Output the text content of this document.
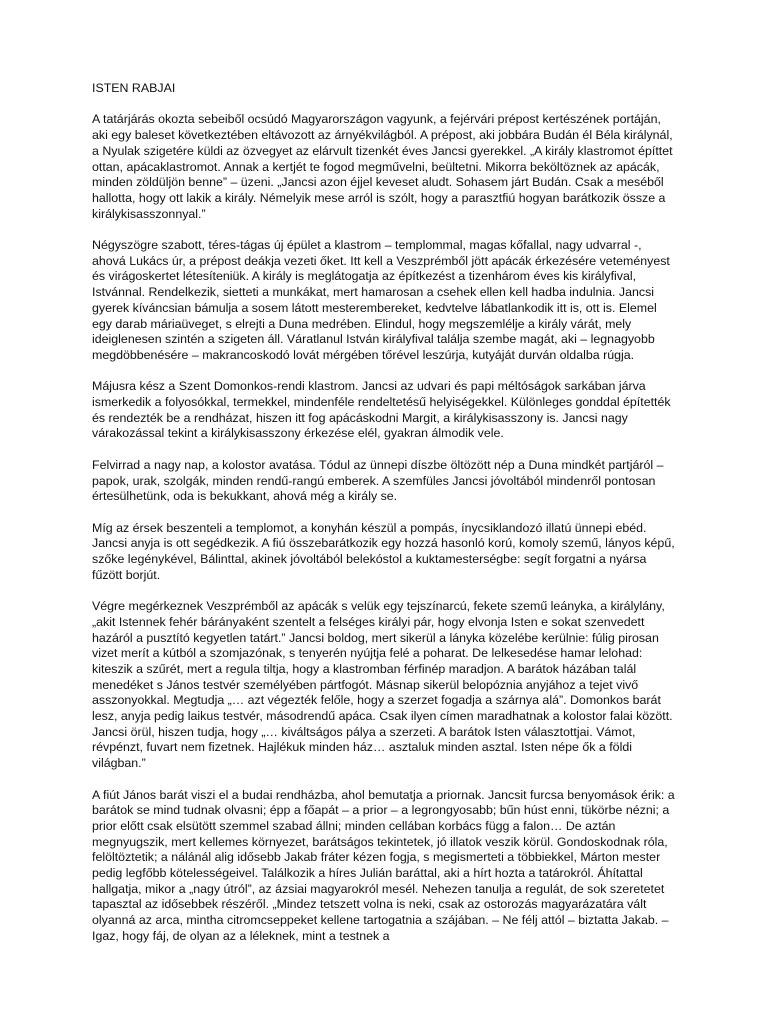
ISTEN RABJAI

A tatárjárás okozta sebeiből ocsúdó Magyarországon vagyunk, a fejérvári prépost kertészének portáján, aki egy baleset következtében eltávozott az árnyékvilágból. A prépost, aki jobbára Budán él Béla királynál, a Nyulak szigetére küldi az özvegyet az elárvult tizenkét éves Jancsi gyerekkel. „A király klastromot építtet ottan, apácaklastromot. Annak a kertjét te fogod megművelni, beültetni. Mikorra beköltöznek az apácák, minden zöldüljön benne” – üzeni. „Jancsi azon éjjel keveset aludt. Sohasem járt Budán. Csak a meséből hallotta, hogy ott lakik a király. Némelyik mese arról is szólt, hogy a parasztfiú hogyan barátkozik össze a királykisasszonnyal.”

Négyszögre szabott, téres-tágas új épület a klastrom – templommal, magas kőfallal, nagy udvarral -, ahová Lukács úr, a prépost deákja vezeti őket. Itt kell a Veszprémből jött apácák érkezésére veteményest és virágoskertet létesíteniük. A király is meglátogatja az építkezést a tizenhárom éves kis királyfival, Istvánnal. Rendelkezik, sietteti a munkákat, mert hamarosan a csehek ellen kell hadba indulnia. Jancsi gyerek kíváncsian bámulja a sosem látott mesterembereket, kedvtelve lábatlankodik itt is, ott is. Elemel egy darab máriaüveget, s elrejti a Duna medrében. Elindul, hogy megszemlélje a király várát, mely ideiglenesen szintén a szigeten áll. Váratlanul István királyfival találja szembe magát, aki – legnagyobb megdöbbenésére – makrancoskodó lovát mérgében tőrével leszúrja, kutyáját durván oldalba rúgja.

Májusra kész a Szent Domonkos-rendi klastrom. Jancsi az udvari és papi méltóságok sarkában járva ismerkedik a folyosókkal, termekkel, mindenféle rendeltetésű helyiségekkel. Különleges gonddal építették és rendezték be a rendházat, hiszen itt fog apácáskodni Margit, a királykisasszony is. Jancsi nagy várakozással tekint a királykisasszony érkezése elél, gyakran álmodik vele.

Felvirrad a nagy nap, a kolostor avatása. Tódul az ünnepi díszbe öltözött nép a Duna mindkét partjáról – papok, urak, szolgák, minden rendű-rangú emberek. A szemfüles Jancsi jóvoltából mindenről pontosan értesülhetünk, oda is bekukkant, ahová még a király se.

Míg az érsek beszenteli a templomot, a konyhán készül a pompás, ínycsiklandozó illatú ünnepi ebéd. Jancsi anyja is ott segédkezik. A fiú összebarátkozik egy hozzá hasonló korú, komoly szemű, lányos képű, szőke legénykével, Bálinttal, akinek jóvoltából belekóstol a kuktamesterségbe: segít forgatni a nyársa fűzött borjút.

Végre megérkeznek Veszprémből az apácák s velük egy tejszínarcú, fekete szemű leányka, a királylány, „akit Istennek fehér bárányaként szentelt a felséges királyi pár, hogy elvonja Isten e sokat szenvedett hazáról a pusztító kegyetlen tatárt.” Jancsi boldog, mert sikerül a lányka közelébe kerülnie: fúlig pirosan vizet merít a kútból a szomjazónak, s tenyerén nyújtja felé a poharat. De lelkesedése hamar lelohad: kiteszik a szűrét, mert a regula tiltja, hogy a klastromban férfinép maradjon. A barátok házában talál menedéket s János testvér személyében pártfogót. Másnap sikerül belopóznia anyjához a tejet vivő asszonyokkal. Megtudja „… azt végezték felőle, hogy a szerzet fogadja a szárnya alá”. Domonkos barát lesz, anyja pedig laikus testvér, másodrendű apáca. Csak ilyen címen maradhatnak a kolostor falai között. Jancsi örül, hiszen tudja, hogy „… kiváltságos pálya a szerzeti. A barátok Isten választottjai. Vámot, révpénzt, fuvart nem fizetnek. Hajlékuk minden ház… asztaluk minden asztal. Isten népe ők a földi világban.”

A fiút János barát viszi el a budai rendházba, ahol bemutatja a priornak. Jancsit furcsa benyomások érik: a barátok se mind tudnak olvasni; épp a főapát – a prior – a legrongyosabb; bűn húst enni, tükörbe nézni; a prior előtt csak elsütött szemmel szabad állni; minden cellában korbács függ a falon… De aztán megnyugszik, mert kellemes környezet, barátságos tekintetek, jó illatok veszik körül. Gondoskodnak róla, felöltöztetik; a nálánál alig idősebb Jakab fráter kézen fogja, s megismerteti a többiekkel, Márton mester pedig legfőbb kötelességeivel. Találkozik a híres Julián baráttal, aki a hírt hozta a tatárokról. Áhítattal hallgatja, mikor a „nagy útról”, az ázsiai magyarokról mesél. Nehezen tanulja a regulát, de sok szeretetet tapasztal az idősebbek részéről. „Mindez tetszett volna is neki, csak az ostorozás magyarázatára vált olyanná az arca, mintha citromcseppeket kellene tartogatnia a szájában. – Ne félj attól – biztatta Jakab. – Igaz, hogy fáj, de olyan az a léleknek, mint a testnek a
